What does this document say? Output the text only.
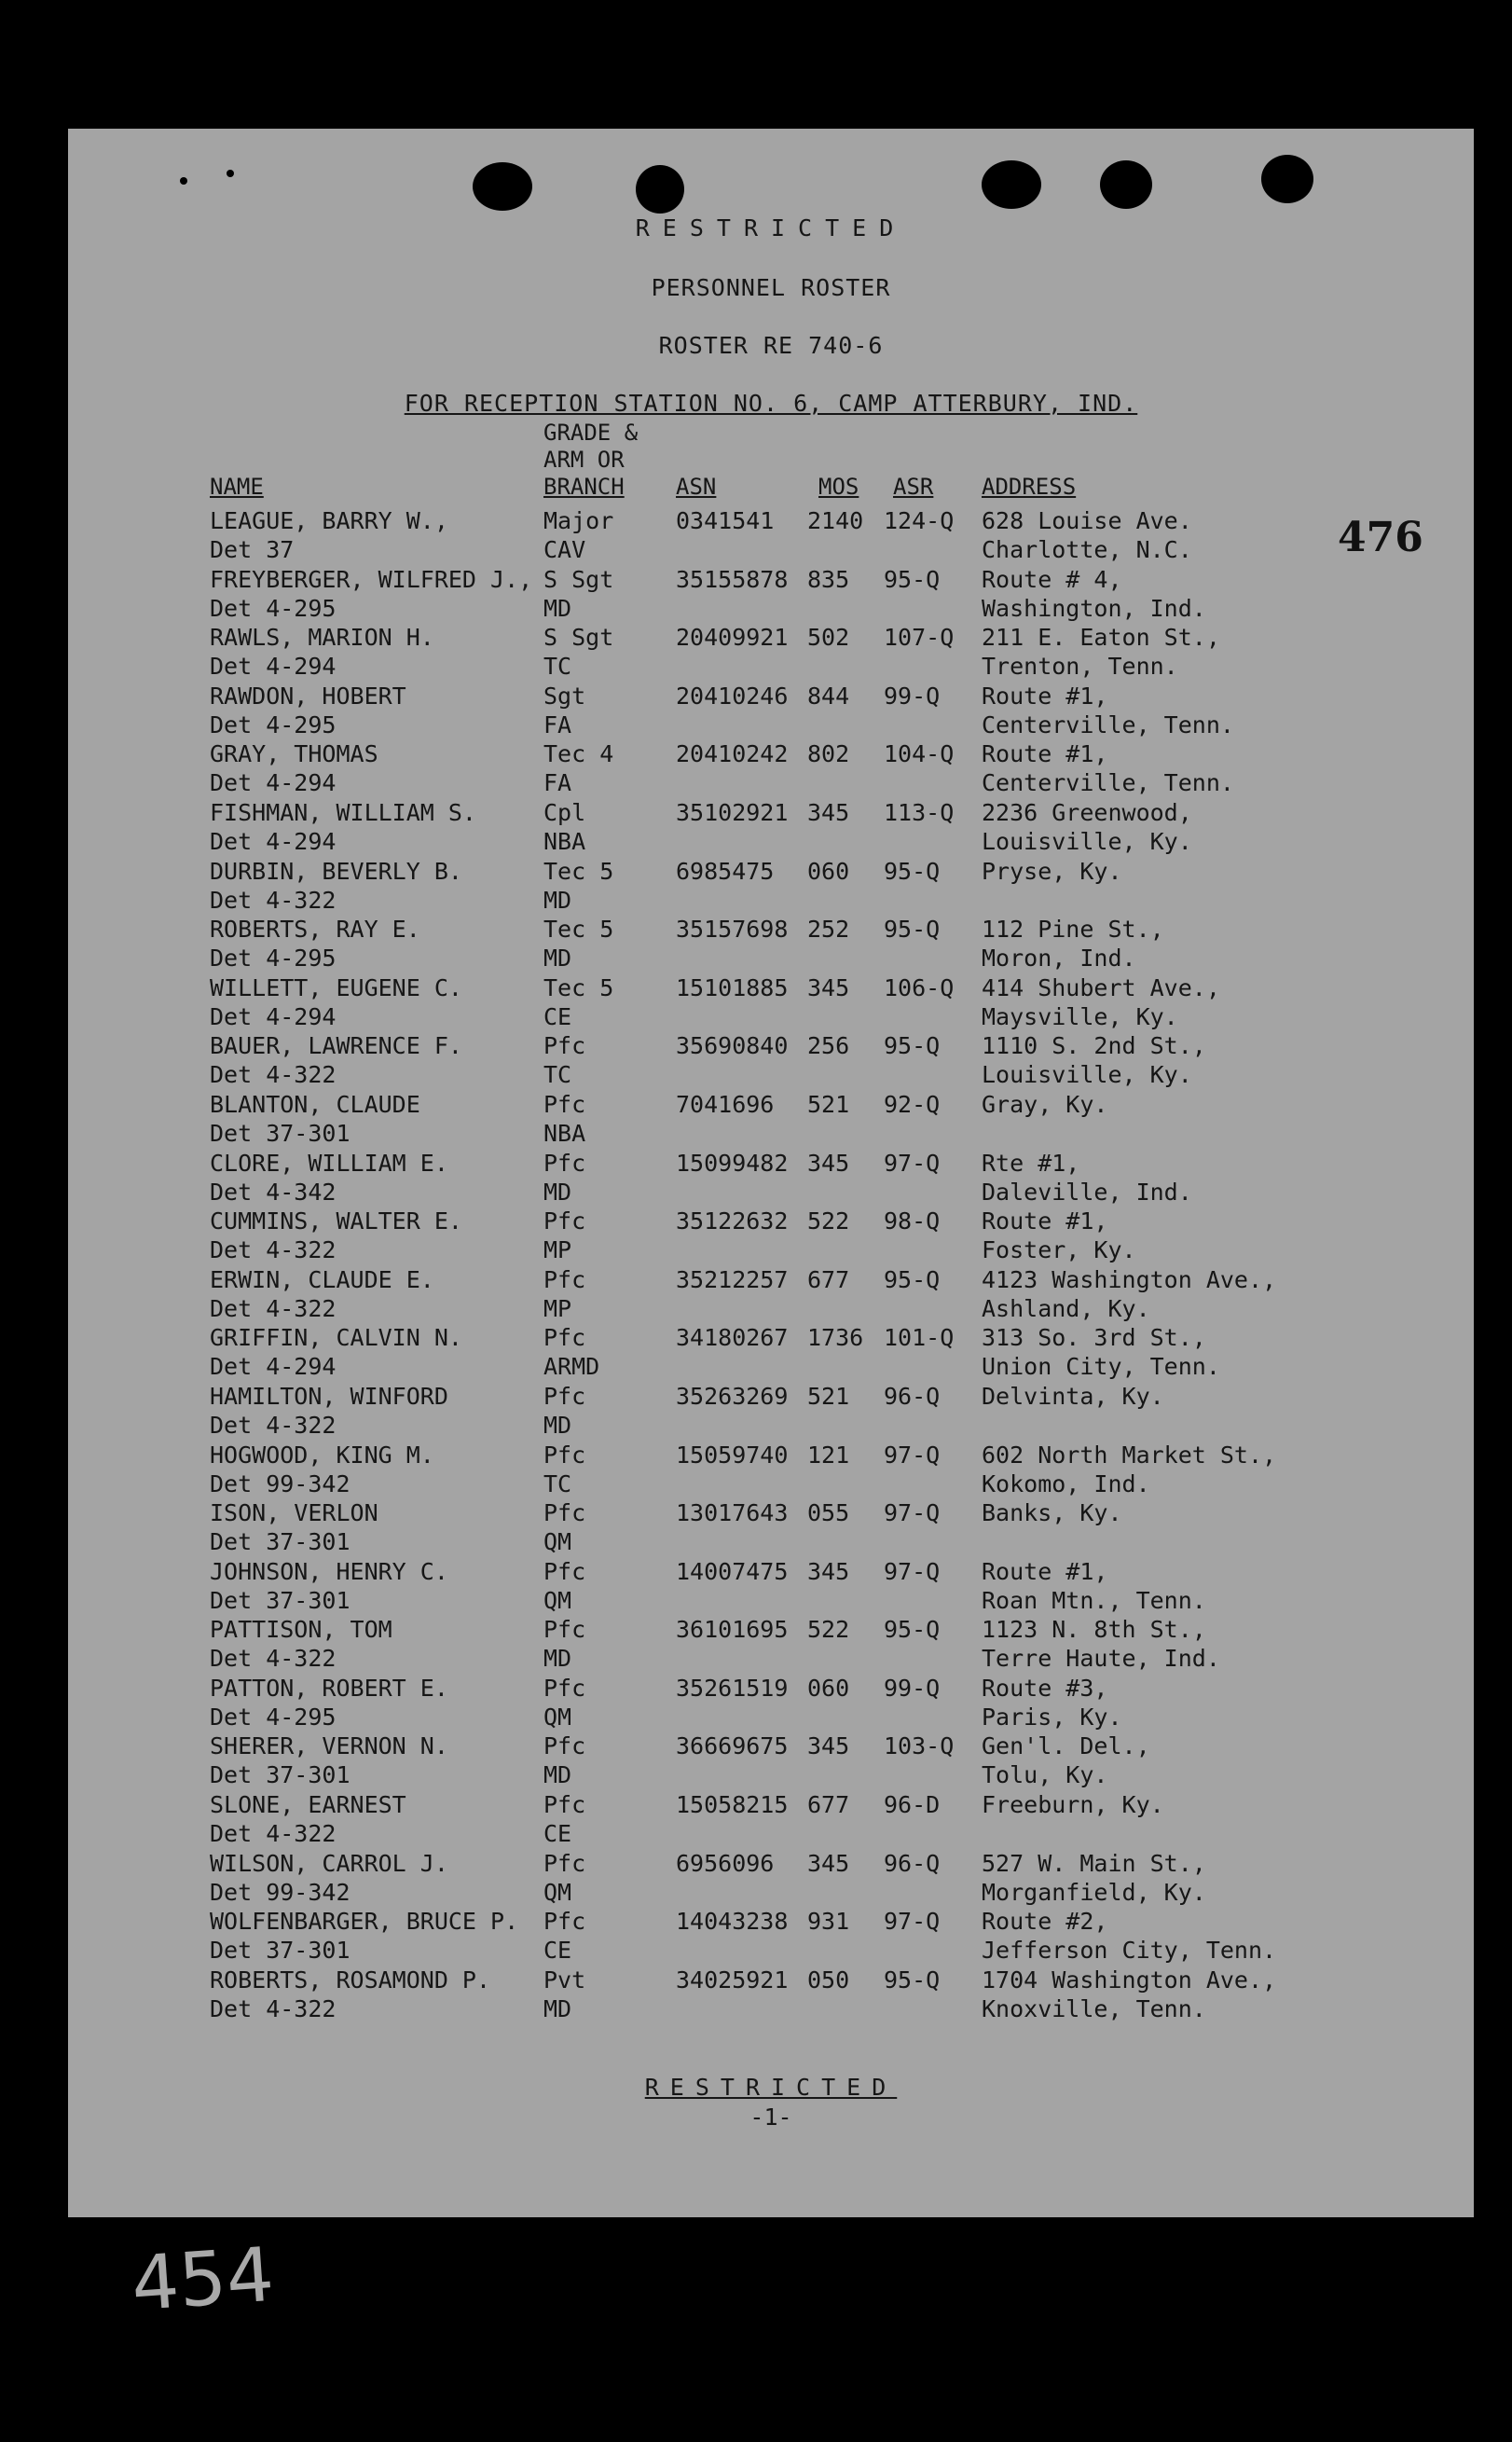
RESTRICTED
PERSONNEL ROSTER
ROSTER RE 740-6
FOR RECEPTION STATION NO. 6, CAMP ATTERBURY, IND.
NAME
GRADE &
ARM OR
BRANCH ASN	MOS ASR ADDRESS
476
LEAGUE, BARRY W.,
Det 37
Major
CAV
0341541 2140 124-Q 628 Louise Ave.
Charlotte, N.C.
FREYBERGER, WILFRED J.,
Det 4-295
S Sgt
MD
35155878 835 95-Q Route # 4,
Washington, Ind.
RAWLS, MARION H.
Det 4-294
S Sgt
TC
20409921 502 107-Q 211 E. Eaton St.,
Trenton, Tenn.
RAWDON, HOBERT
Det 4-295
Sgt
FA
20410246 844 99-Q Route #1,
Centerville, Tenn.
GRAY, THOMAS
Det 4-294
Tec 4
FA
20410242 802 104-Q Route #1,
Centerville, Tenn.
FISHMAN, WILLIAM S.
Det 4-294
Cpl
NBA
35102921 345 113-Q 2236 Greenwood,
Louisville, Ky.
DURBIN, BEVERLY B.
Det 4-322
Tec 5
MD
6985475 060 95-Q Pryse, Ky.
ROBERTS, RAY E.
Det 4-295
Tec 5
MD
35157698 252 95-Q 112 Pine St.,
Moron, Ind.
WILLETT, EUGENE C.
Det 4-294
Tec 5
CE
15101885 345 106-Q 414 Shubert Ave.,
Maysville, Ky.
BAUER, LAWRENCE F.
Det 4-322
Pfc
TC
35690840 256 95-Q 1110 S. 2nd St.,
Louisville, Ky.
BLANTON, CLAUDE
Det 37-301
Pfc
NBA
7041696 521 92-Q Gray, Ky.
CLORE, WILLIAM E.
Det 4-342
Pfc
MD
15099482 345 97-Q Rte #1,
Daleville, Ind.
CUMMINS, WALTER E.
Det 4-322
Pfc
MP
35122632 522 98-Q Route #1,
Foster, Ky.
ERWIN, CLAUDE E.
Det 4-322
Pfc
MP
35212257 677 95-Q 4123 Washington Ave.,
Ashland, Ky.
GRIFFIN, CALVIN N.
Det 4-294
Pfc
ARMD
34180267 1736 101-Q 313 So. 3rd St.,
Union City, Tenn.
HAMILTON, WINFORD
Det 4-322
Pfc
MD
35263269 521 96-Q Delvinta, Ky.
HOGWOOD, KING M.
Det 99-342
Pfc
TC
15059740 121 97-Q 602 North Market St.,
Kokomo, Ind.
ISON, VERLON
Det 37-301
Pfc
QM
13017643 055 97-Q Banks, Ky.
JOHNSON, HENRY C.
Det 37-301
Pfc
QM
14007475 345 97-Q Route #1,
Roan Mtn., Tenn.
PATTISON, TOM
Det 4-322
Pfc
MD
36101695 522 95-Q 1123 N. 8th St.,
Terre Haute, Ind.
PATTON, ROBERT E.
Det 4-295
Pfc
QM
35261519 060 99-Q Route #3,
Paris, Ky.
SHERER, VERNON N.
Det 37-301
Pfc
MD
36669675 345 103-Q Gen'l. Del.,
Tolu, Ky.
SLONE, EARNEST
Det 4-322
Pfc
CE
15058215 677 96-D Freeburn, Ky.
WILSON, CARROL J.
Det 99-342
Pfc
QM
6956096 345 96-Q 527 W. Main St.,
Morganfield, Ky.
WOLFENBARGER, BRUCE P.
Det 37-301
Pfc
CE
14043238 931 97-Q Route #2,
Jefferson City, Tenn.
ROBERTS, ROSAMOND P.
Det 4-322
Pvt
MD
34025921 050 95-Q 1704 Washington Ave.,
Knoxville, Tenn.
RESTRICTED
-1-
454
